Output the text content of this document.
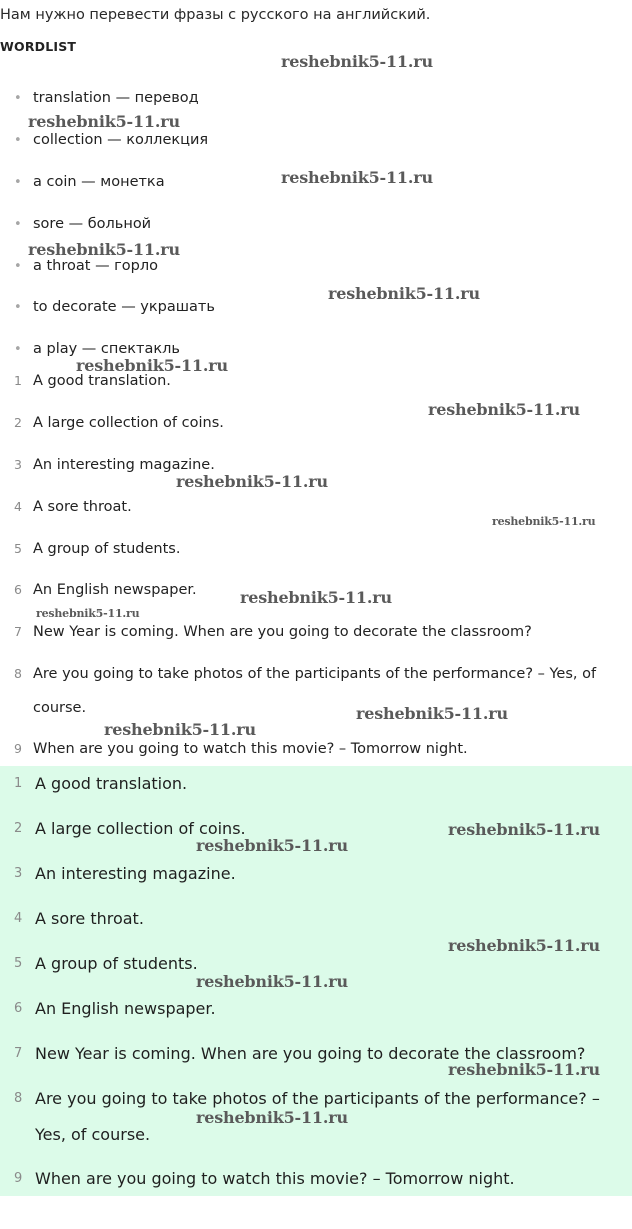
Нам нужно перевести фразы с русского на английский.
WORDLIST
• translation — перевод
• collection — коллекция
• a coin — монетка
• sore — больной
• a throat — горло
• to decorate — украшать
• a play — спектакль
1 A good translation.
2 A large collection of coins.
3 An interesting magazine.
4 A sore throat.
5 A group of students.
6 An English newspaper.
7 New Year is coming. When are you going to decorate the classroom?
8 Are you going to take photos of the participants of the performance? – Yes, of course.
9 When are you going to watch this movie? – Tomorrow night.
1 A good translation.
2 A large collection of coins.
3 An interesting magazine.
4 A sore throat.
5 A group of students.
6 An English newspaper.
7 New Year is coming. When are you going to decorate the classroom?
8 Are you going to take photos of the participants of the performance? – Yes, of course.
9 When are you going to watch this movie? – Tomorrow night.
reshebnik5-11.ru
reshebnik5-11.ru
reshebnik5-11.ru
reshebnik5-11.ru
reshebnik5-11.ru
reshebnik5-11.ru
reshebnik5-11.ru
reshebnik5-11.ru
reshebnik5-11.ru
reshebnik5-11.ru
reshebnik5-11.ru
reshebnik5-11.ru
reshebnik5-11.ru
reshebnik5-11.ru
reshebnik5-11.ru
reshebnik5-11.ru
reshebnik5-11.ru
reshebnik5-11.ru
reshebnik5-11.ru
